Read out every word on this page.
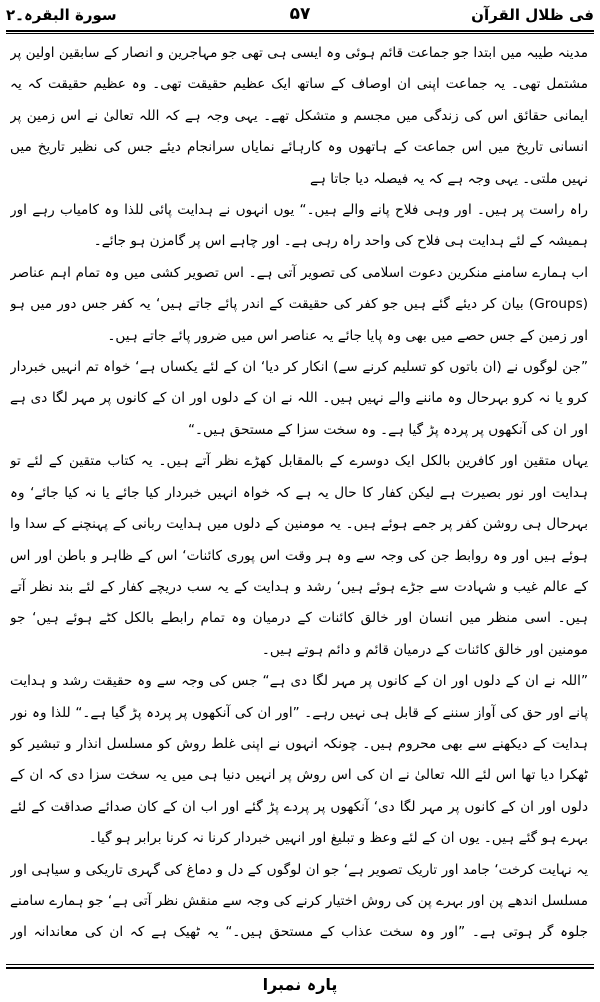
فی ظلال القرآن
۵۷
سورة البقرہ۔۲

مدینہ طیبہ میں ابتدا جو جماعت قائم ہوئی وہ ایسی ہی تھی جو مہاجرین و انصار کے سابقین اولین پر مشتمل تھی۔ یہ جماعت اپنی ان اوصاف کے ساتھ ایک عظیم حقیقت تھی۔ وہ عظیم حقیقت کہ یہ ایمانی حقائق اس کی زندگی میں مجسم و متشکل تھے۔ یہی وجہ ہے کہ اللہ تعالیٰ نے اس زمین پر انسانی تاریخ میں اس جماعت کے ہاتھوں وہ کارہائے نمایاں سرانجام دیئے جس کی نظیر تاریخ میں نہیں ملتی۔ یہی وجہ ہے کہ یہ فیصلہ دیا جاتا ہے

راہ راست پر ہیں۔ اور وہی فلاح پانے والے ہیں۔“ یوں انہوں نے ہدایت پائی للذا وہ کامیاب رہے اور ہمیشہ کے لئے ہدایت ہی فلاح کی واحد راہ رہی ہے۔ اور چاہے اس پر گامزن ہو جائے۔

اب ہمارے سامنے منکرین دعوت اسلامی کی تصویر آتی ہے۔ اس تصویر کشی میں وہ تمام اہم عناصر (Groups) بیان کر دیئے گئے ہیں جو کفر کی حقیقت کے اندر پائے جاتے ہیں‘ یہ کفر جس دور میں ہو اور زمین کے جس حصے میں بھی وہ پایا جائے یہ عناصر اس میں ضرور پائے جاتے ہیں۔

”جن لوگوں نے (ان باتوں کو تسلیم کرنے سے) انکار کر دیا‘ ان کے لئے یکساں ہے‘ خواہ تم انہیں خبردار کرو یا نہ کرو بہرحال وہ ماننے والے نہیں ہیں۔ اللہ نے ان کے دلوں اور ان کے کانوں پر مہر لگا دی ہے اور ان کی آنکھوں پر پردہ پڑ گیا ہے۔ وہ سخت سزا کے مستحق ہیں۔“

یہاں متقین اور کافرین بالکل ایک دوسرے کے بالمقابل کھڑے نظر آتے ہیں۔ یہ کتاب متقین کے لئے تو ہدایت اور نور بصیرت ہے لیکن کفار کا حال یہ ہے کہ خواہ انہیں خبردار کیا جائے یا نہ کیا جائے‘ وہ بہرحال ہی روشن کفر پر جمے ہوئے ہیں۔ یہ مومنین کے دلوں میں ہدایت ربانی کے پہنچنے کے سدا وا ہوئے ہیں اور وہ روابط جن کی وجہ سے وہ ہر وقت اس پوری کائنات‘ اس کے ظاہر و باطن اور اس کے عالم غیب و شہادت سے جڑے ہوئے ہیں‘ رشد و ہدایت کے یہ سب دریچے کفار کے لئے بند نظر آتے ہیں۔ اسی منظر میں انسان اور خالق کائنات کے درمیان وہ تمام رابطے بالکل کٹے ہوئے ہیں‘ جو مومنین اور خالق کائنات کے درمیان قائم و دائم ہوتے ہیں۔

”اللہ نے ان کے دلوں اور ان کے کانوں پر مہر لگا دی ہے“ جس کی وجہ سے وہ حقیقت رشد و ہدایت پانے اور حق کی آواز سننے کے قابل ہی نہیں رہے۔ ”اور ان کی آنکھوں پر پردہ پڑ گیا ہے۔“ للذا وہ نور ہدایت کے دیکھنے سے بھی محروم ہیں۔ چونکہ انہوں نے اپنی غلط روش کو مسلسل انذار و تبشیر کو ٹھکرا دیا تھا اس لئے اللہ تعالیٰ نے ان کی اس روش پر انہیں دنیا ہی میں یہ سخت سزا دی کہ ان کے دلوں اور ان کے کانوں پر مہر لگا دی‘ آنکھوں پر پردے پڑ گئے اور اب ان کے کان صدائے صداقت کے لئے بہرے ہو گئے ہیں۔ یوں ان کے لئے وعظ و تبلیغ اور انہیں خبردار کرنا نہ کرنا برابر ہو گیا۔

یہ نہایت کرخت‘ جامد اور تاریک تصویر ہے‘ جو ان لوگوں کے دل و دماغ کی گہری تاریکی و سیاہی اور مسلسل اندھے پن اور بہرے پن کی روش اختیار کرنے کی وجہ سے منقش نظر آتی ہے‘ جو ہمارے سامنے جلوہ گر ہوتی ہے۔ ”اور وہ سخت عذاب کے مستحق ہیں۔“ یہ ٹھیک ہے کہ ان کی معاندانہ اور

پارہ نمبرا
